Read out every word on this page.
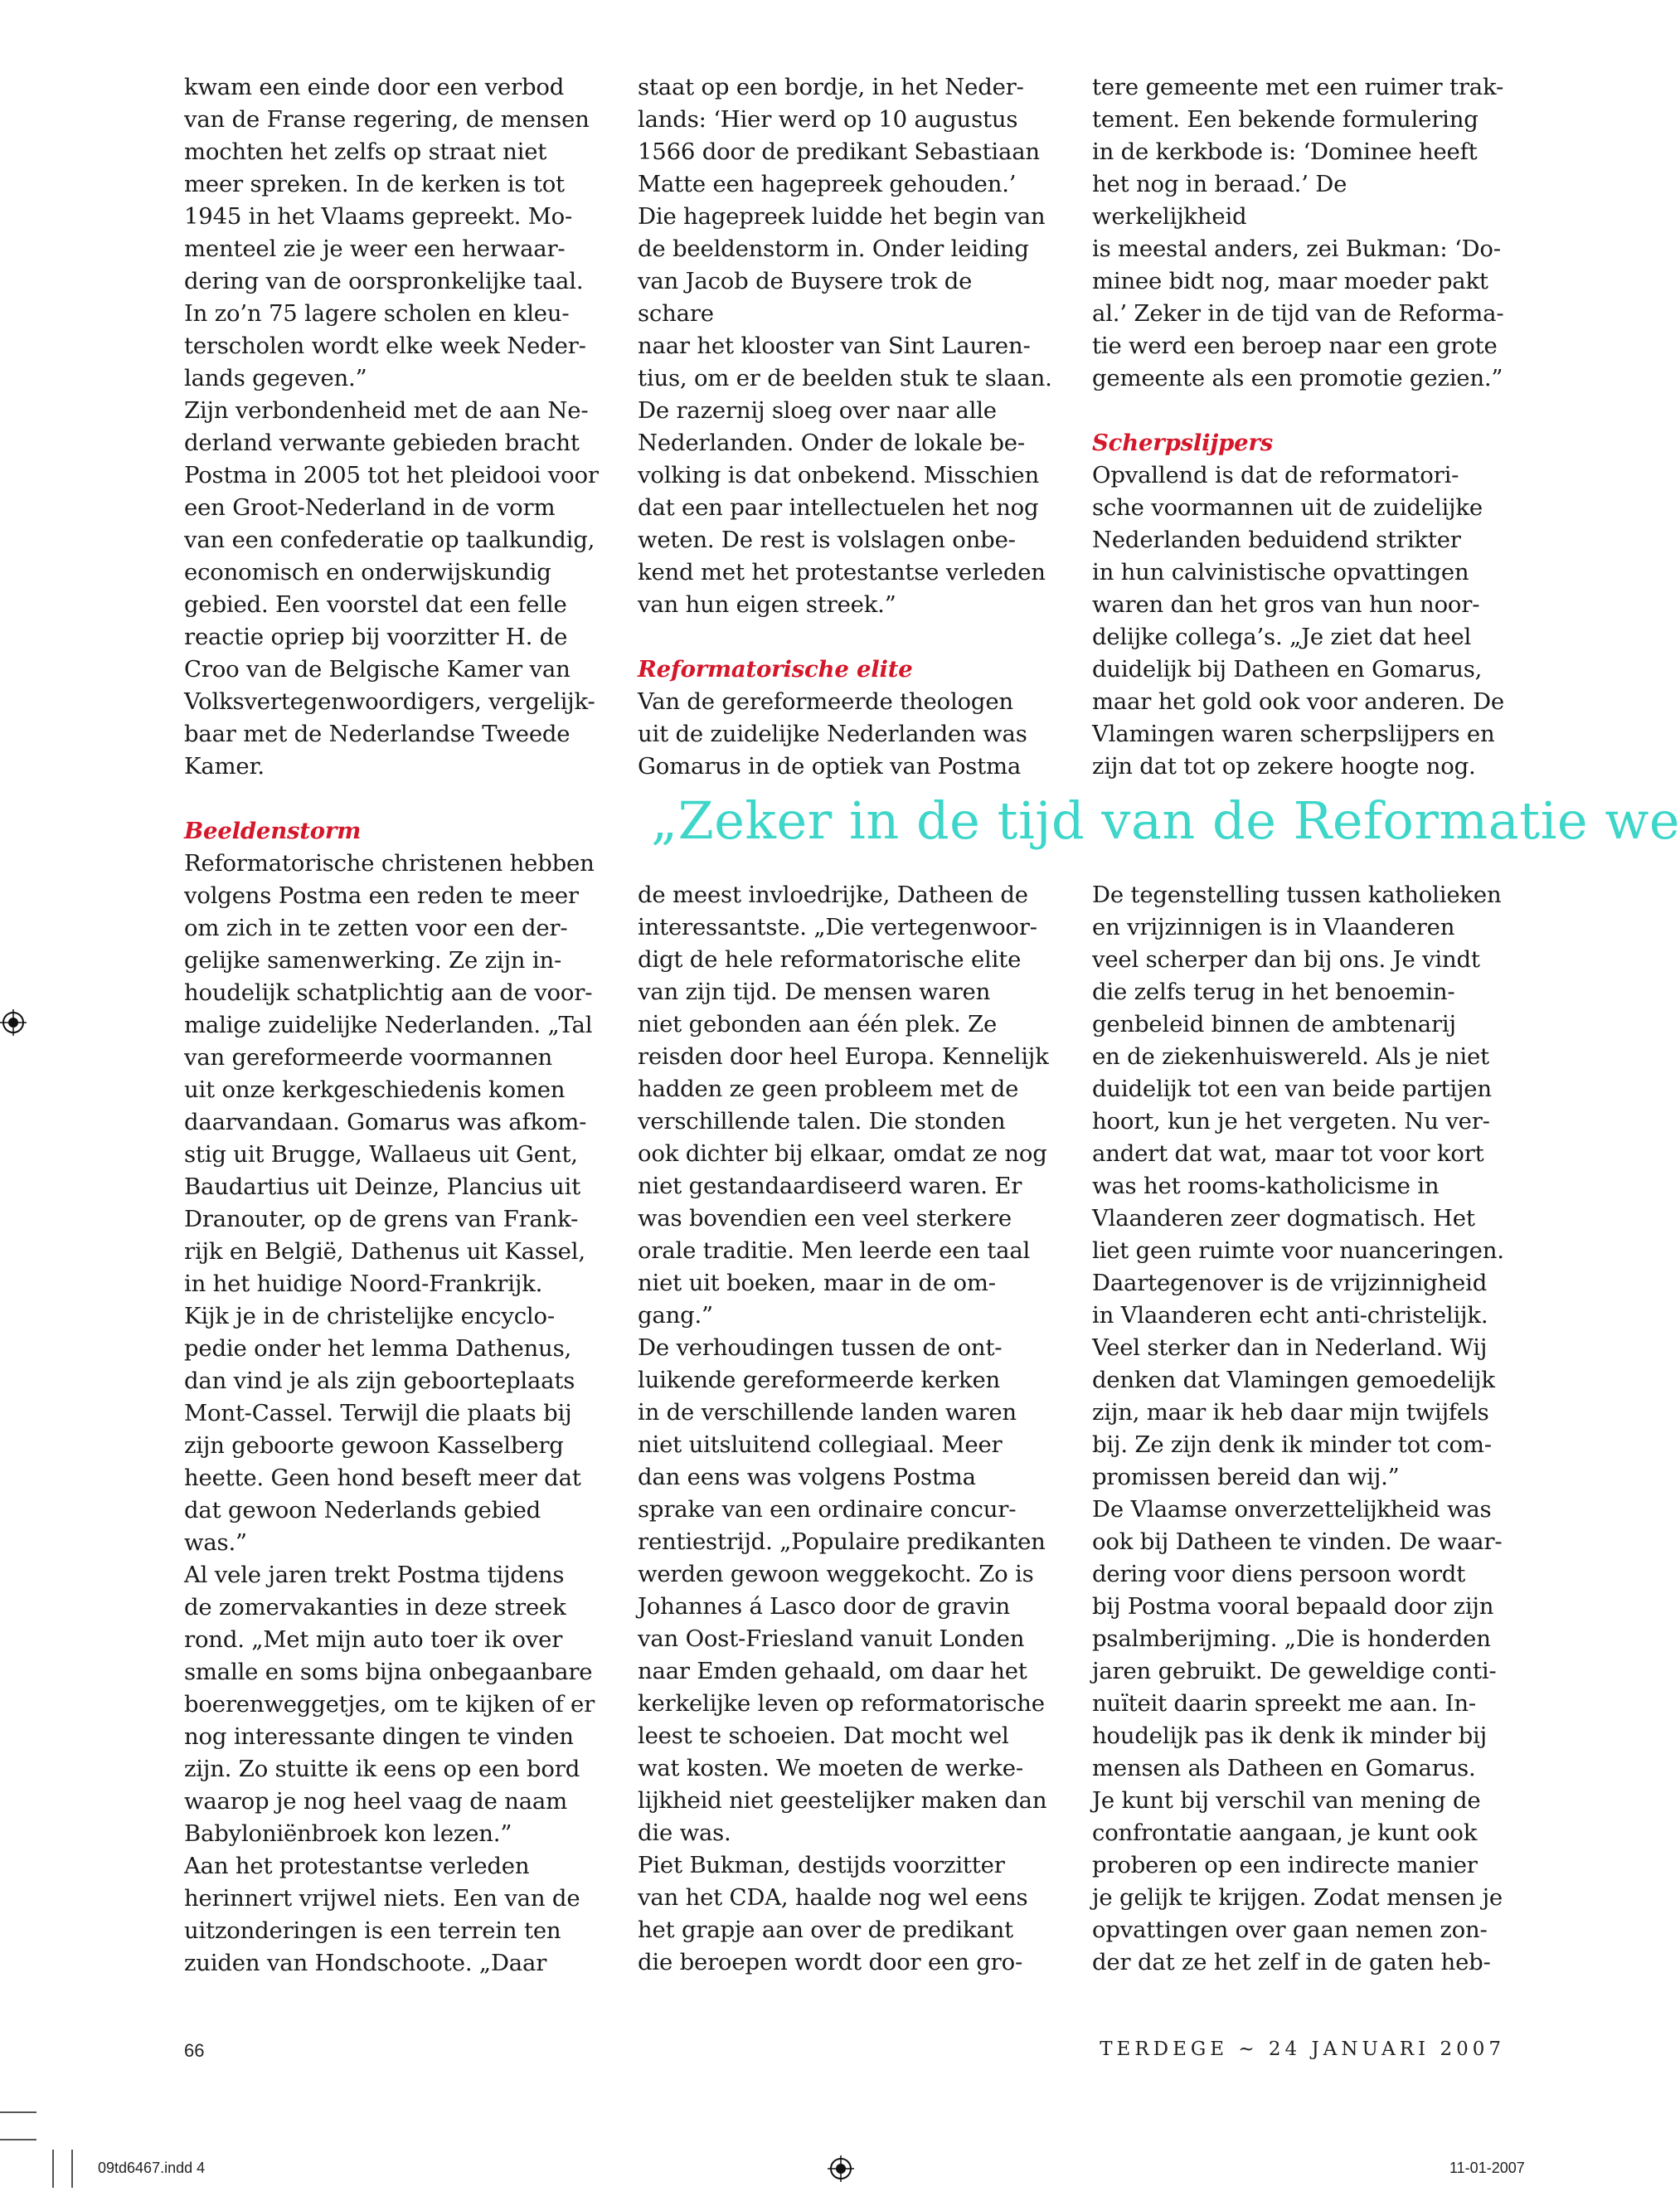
kwam een einde door een verbod
van de Franse regering, de mensen
mochten het zelfs op straat niet
meer spreken. In de kerken is tot
1945 in het Vlaams gepreekt. Mo-
menteel zie je weer een herwaar-
dering van de oorspronkelijke taal.
In zo’n 75 lagere scholen en kleu-
terscholen wordt elke week Neder-
lands gegeven.”
Zijn verbondenheid met de aan Ne-
derland verwante gebieden bracht
Postma in 2005 tot het pleidooi voor
een Groot-Nederland in de vorm
van een confederatie op taalkundig,
economisch en onderwijskundig
gebied. Een voorstel dat een felle
reactie opriep bij voorzitter H. de
Croo van de Belgische Kamer van
Volksvertegenwoordigers, vergelijk-
baar met de Nederlandse Tweede
Kamer.

Beeldenstorm

Reformatorische christenen hebben
volgens Postma een reden te meer
om zich in te zetten voor een der-
gelijke samenwerking. Ze zijn in-
houdelijk schatplichtig aan de voor-
malige zuidelijke Nederlanden. „Tal
van gereformeerde voormannen
uit onze kerkgeschiedenis komen
daarvandaan. Gomarus was afkom-
stig uit Brugge, Wallaeus uit Gent,
Baudartius uit Deinze, Plancius uit
Dranouter, op de grens van Frank-
rijk en België, Dathenus uit Kassel,
in het huidige Noord-Frankrijk.
Kijk je in de christelijke encyclo-
pedie onder het lemma Dathenus,
dan vind je als zijn geboorteplaats
Mont-Cassel. Terwijl die plaats bij
zijn geboorte gewoon Kasselberg
heette. Geen hond beseft meer dat
dat gewoon Nederlands gebied
was.”
Al vele jaren trekt Postma tijdens
de zomervakanties in deze streek
rond. „Met mijn auto toer ik over
smalle en soms bijna onbegaanbare
boerenweggetjes, om te kijken of er
nog interessante dingen te vinden
zijn. Zo stuitte ik eens op een bord
waarop je nog heel vaag de naam
Babyloniënbroek kon lezen.”
Aan het protestantse verleden
herinnert vrijwel niets. Een van de
uitzonderingen is een terrein ten
zuiden van Hondschoote. „Daar

staat op een bordje, in het Neder-
lands: ‘Hier werd op 10 augustus
1566 door de predikant Sebastiaan
Matte een hagepreek gehouden.’
Die hagepreek luidde het begin van
de beeldenstorm in. Onder leiding
van Jacob de Buysere trok de schare
naar het klooster van Sint Lauren-
tius, om er de beelden stuk te slaan.
De razernij sloeg over naar alle
Nederlanden. Onder de lokale be-
volking is dat onbekend. Misschien
dat een paar intellectuelen het nog
weten. De rest is volslagen onbe-
kend met het protestantse verleden
van hun eigen streek.”

Reformatorische elite

Van de gereformeerde theologen
uit de zuidelijke Nederlanden was
Gomarus in de optiek van Postma

tere gemeente met een ruimer trak-
tement. Een bekende formulering
in de kerkbode is: ‘Dominee heeft
het nog in beraad.’ De werkelijkheid
is meestal anders, zei Bukman: ‘Do-
minee bidt nog, maar moeder pakt
al.’ Zeker in de tijd van de Reforma-
tie werd een beroep naar een grote
gemeente als een promotie gezien.”

Scherpslijpers

Opvallend is dat de reformatori-
sche voormannen uit de zuidelijke
Nederlanden beduidend strikter
in hun calvinistische opvattingen
waren dan het gros van hun noor-
delijke collega’s. „Je ziet dat heel
duidelijk bij Datheen en Gomarus,
maar het gold ook voor anderen. De
Vlamingen waren scherpslijpers en
zijn dat tot op zekere hoogte nog.

„Zeker in de tijd van de Reformatie we

de meest invloedrijke, Datheen de
interessantste. „Die vertegenwoor-
digt de hele reformatorische elite
van zijn tijd. De mensen waren
niet gebonden aan één plek. Ze
reisden door heel Europa. Kennelijk
hadden ze geen probleem met de
verschillende talen. Die stonden
ook dichter bij elkaar, omdat ze nog
niet gestandaardiseerd waren. Er
was bovendien een veel sterkere
orale traditie. Men leerde een taal
niet uit boeken, maar in de om-
gang.”
De verhoudingen tussen de ont-
luikende gereformeerde kerken
in de verschillende landen waren
niet uitsluitend collegiaal. Meer
dan eens was volgens Postma
sprake van een ordinaire concur-
rentiestrijd. „Populaire predikanten
werden gewoon weggekocht. Zo is
Johannes á Lasco door de gravin
van Oost-Friesland vanuit Londen
naar Emden gehaald, om daar het
kerkelijke leven op reformatorische
leest te schoeien. Dat mocht wel
wat kosten. We moeten de werke-
lijkheid niet geestelijker maken dan
die was.
Piet Bukman, destijds voorzitter
van het CDA, haalde nog wel eens
het grapje aan over de predikant
die beroepen wordt door een gro-

De tegenstelling tussen katholieken
en vrijzinnigen is in Vlaanderen
veel scherper dan bij ons. Je vindt
die zelfs terug in het benoemin-
genbeleid binnen de ambtenarij
en de ziekenhuiswereld. Als je niet
duidelijk tot een van beide partijen
hoort, kun je het vergeten. Nu ver-
andert dat wat, maar tot voor kort
was het rooms-katholicisme in
Vlaanderen zeer dogmatisch. Het
liet geen ruimte voor nuanceringen.
Daartegenover is de vrijzinnigheid
in Vlaanderen echt anti-christelijk.
Veel sterker dan in Nederland. Wij
denken dat Vlamingen gemoedelijk
zijn, maar ik heb daar mijn twijfels
bij. Ze zijn denk ik minder tot com-
promissen bereid dan wij.”
De Vlaamse onverzettelijkheid was
ook bij Datheen te vinden. De waar-
dering voor diens persoon wordt
bij Postma vooral bepaald door zijn
psalmberijming. „Die is honderden
jaren gebruikt. De geweldige conti-
nuïteit daarin spreekt me aan. In-
houdelijk pas ik denk ik minder bij
mensen als Datheen en Gomarus.
Je kunt bij verschil van mening de
confrontatie aangaan, je kunt ook
proberen op een indirecte manier
je gelijk te krijgen. Zodat mensen je
opvattingen over gaan nemen zon-
der dat ze het zelf in de gaten heb-

66	TERDEGE ~ 24 JANUARI 2007
09td6467.indd 4	11-01-2007
